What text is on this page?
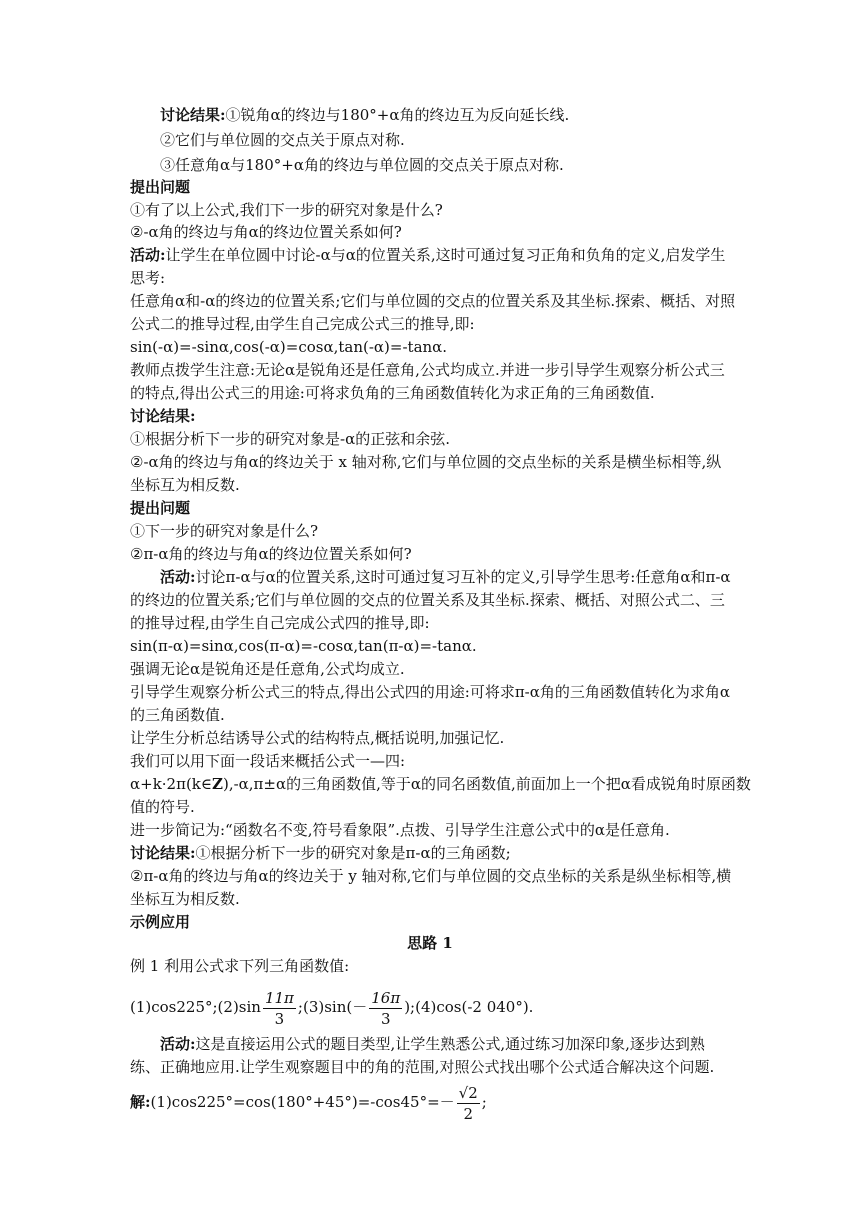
讨论结果:①锐角α的终边与180°+α角的终边互为反向延长线.
②它们与单位圆的交点关于原点对称.
③任意角α与180°+α角的终边与单位圆的交点关于原点对称.
提出问题
①有了以上公式,我们下一步的研究对象是什么?
②-α角的终边与角α的终边位置关系如何?
活动:让学生在单位圆中讨论-α与α的位置关系,这时可通过复习正角和负角的定义,启发学生
思考:
任意角α和-α的终边的位置关系;它们与单位圆的交点的位置关系及其坐标.探索、概括、对照
公式二的推导过程,由学生自己完成公式三的推导,即:
sin(-α)=-sinα,cos(-α)=cosα,tan(-α)=-tanα.
教师点拨学生注意:无论α是锐角还是任意角,公式均成立.并进一步引导学生观察分析公式三
的特点,得出公式三的用途:可将求负角的三角函数值转化为求正角的三角函数值.
讨论结果:
①根据分析下一步的研究对象是-α的正弦和余弦.
②-α角的终边与角α的终边关于 x 轴对称,它们与单位圆的交点坐标的关系是横坐标相等,纵
坐标互为相反数.
提出问题
①下一步的研究对象是什么?
②π-α角的终边与角α的终边位置关系如何?
活动:讨论π-α与α的位置关系,这时可通过复习互补的定义,引导学生思考:任意角α和π-α
的终边的位置关系;它们与单位圆的交点的位置关系及其坐标.探索、概括、对照公式二、三
的推导过程,由学生自己完成公式四的推导,即:
sin(π-α)=sinα,cos(π-α)=-cosα,tan(π-α)=-tanα.
强调无论α是锐角还是任意角,公式均成立.
引导学生观察分析公式三的特点,得出公式四的用途:可将求π-α角的三角函数值转化为求角α
的三角函数值.
让学生分析总结诱导公式的结构特点,概括说明,加强记忆.
我们可以用下面一段话来概括公式一—四:
α+k·2π(k∈Z),-α,π±α的三角函数值,等于α的同名函数值,前面加上一个把α看成锐角时原函数
值的符号.
进一步简记为:“函数名不变,符号看象限”.点拨、引导学生注意公式中的α是任意角.
讨论结果:①根据分析下一步的研究对象是π-α的三角函数;
②π-α角的终边与角α的终边关于 y 轴对称,它们与单位圆的交点坐标的关系是纵坐标相等,横
坐标互为相反数.
示例应用
思路 1
例 1 利用公式求下列三角函数值:
(1)cos225°;(2)sin $\frac{11\pi}{3}$ ;(3)sin(－ $\frac{16\pi}{3}$ );(4)cos(-2 040°).
活动:这是直接运用公式的题目类型,让学生熟悉公式,通过练习加深印象,逐步达到熟
练、正确地应用.让学生观察题目中的角的范围,对照公式找出哪个公式适合解决这个问题.
解:(1)cos225°=cos(180°+45°)=-cos45°=－ $\frac{√2}{2}$ ;
